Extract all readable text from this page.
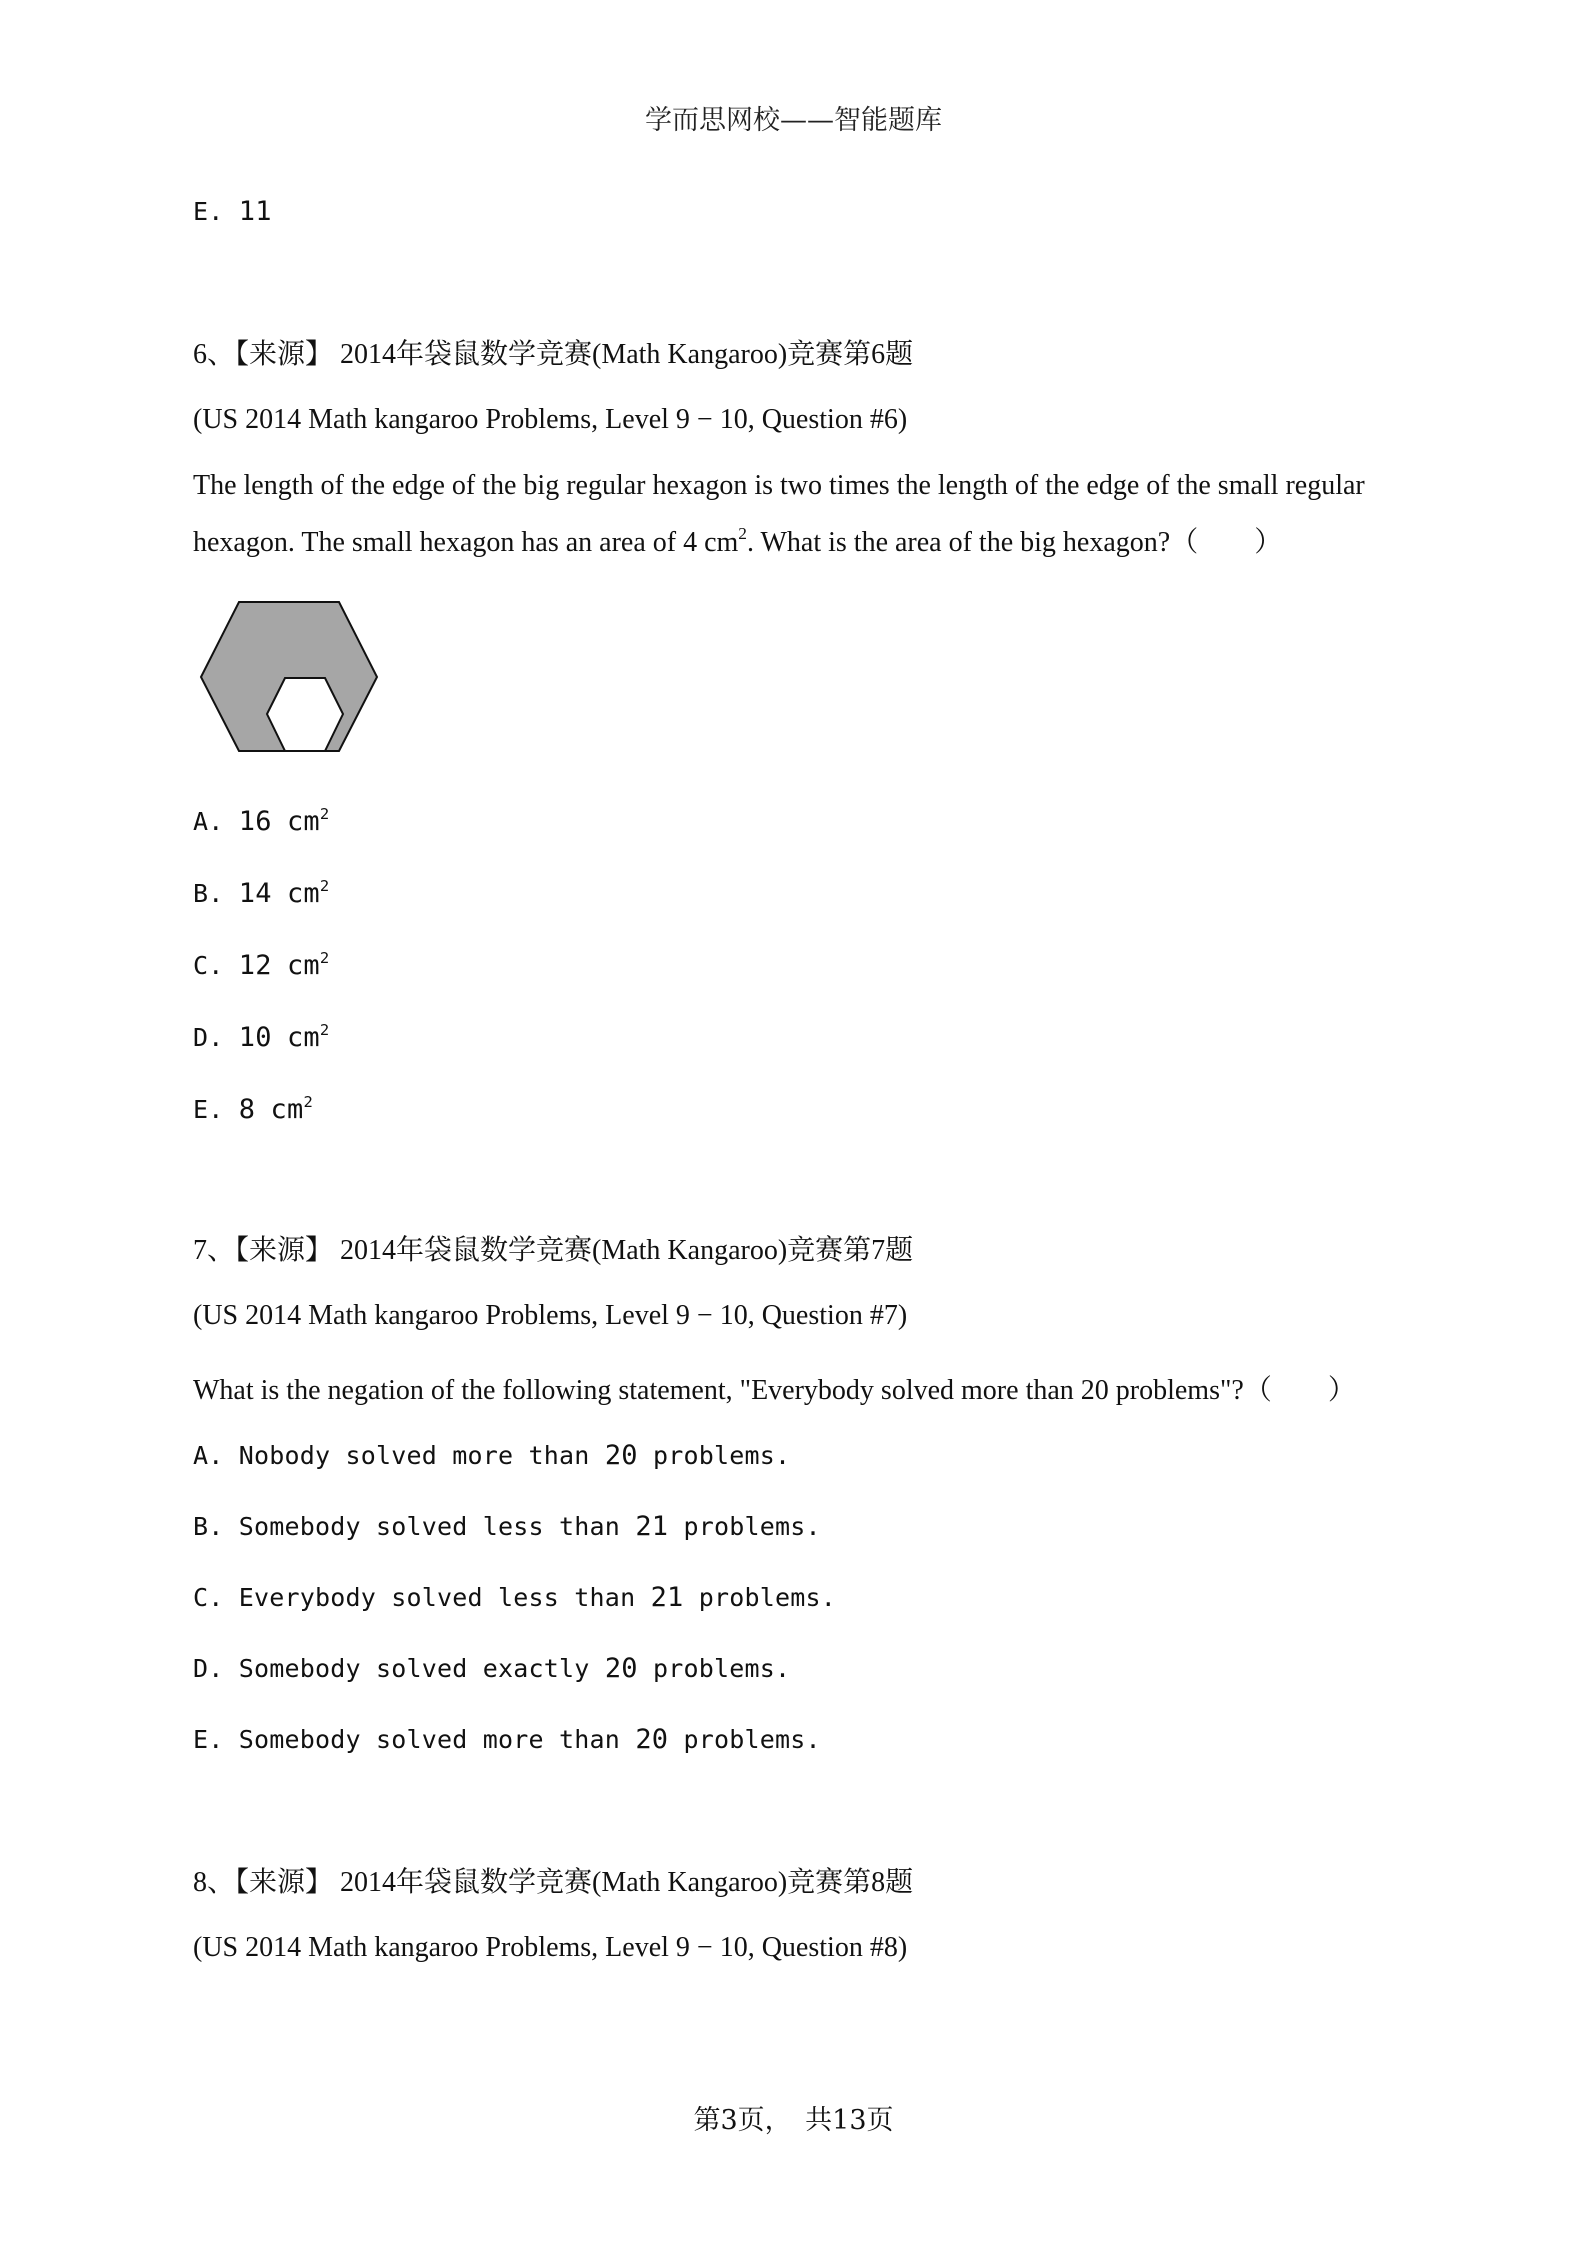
学而思网校——智能题库
E. 11
6、【来源】 2014年袋鼠数学竞赛(Math Kangaroo)竞赛第6题
(US 2014 Math kangaroo Problems, Level 9 − 10, Question #6)
The length of the edge of the big regular hexagon is two times the length of the edge of the small regular
hexagon. The small hexagon has an area of 4 $cm^2$. What is the area of the big hexagon?（　　）
A. 16 $cm^2$
B. 14 $cm^2$
C. 12 $cm^2$
D. 10 $cm^2$
E. 8 $cm^2$
7、【来源】 2014年袋鼠数学竞赛(Math Kangaroo)竞赛第7题
(US 2014 Math kangaroo Problems, Level 9 − 10, Question #7)
What is the negation of the following statement, "Everybody solved more than 20 problems"?（　　）
A. Nobody solved more than 20 problems.
B. Somebody solved less than 21 problems.
C. Everybody solved less than 21 problems.
D. Somebody solved exactly 20 problems.
E. Somebody solved more than 20 problems.
8、【来源】 2014年袋鼠数学竞赛(Math Kangaroo)竞赛第8题
(US 2014 Math kangaroo Problems, Level 9 − 10, Question #8)
第3页，　共13页
